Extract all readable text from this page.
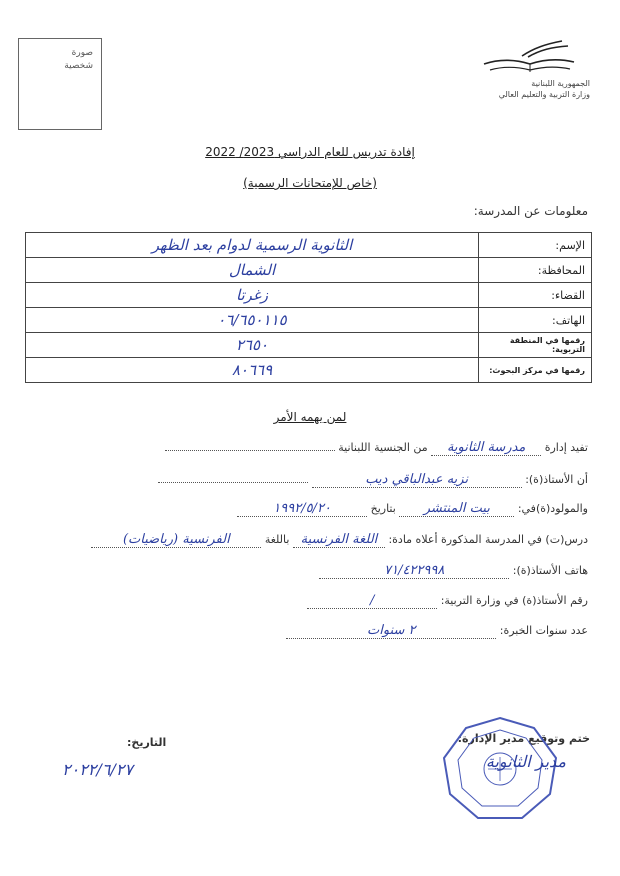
صورة
شخصية
الجمهورية اللبنانية
وزارة التربية والتعليم العالي
إفادة تدريس للعام الدراسي 2023/ 2022
(خاص للإمتحانات الرسمية)
معلومات عن المدرسة:
الإسم:	الثانوية الرسمية لدوام بعد الظهر
المحافظة:	الشمال
القضاء:	زغرتا
الهاتف:	٠٦/٦٥٠١١٥
رقمها في المنطقة التربوية:	٢٦٥٠
رقمها في مركز البحوث:	٨٠٦٦٩
لمن يهمه الأمر
تفيد إدارة مدرسة الثانوية من الجنسية اللبنانية
أن الأستاذ(ة): نزيه عبدالباقي ديب
والمولود(ة)في: بيت المنتشر بتاريخ ١٩٩٢/٥/٢٠
درس(ت) في المدرسة المذكورة أعلاه مادة: اللغة الفرنسية باللغة الفرنسية (رياضيات)
هاتف الأستاذ(ة): ٧١/٤٢٢٩٩٨
رقم الأستاذ(ة) في وزارة التربية: /
عدد سنوات الخبرة: ٢ سنوات
ختم وتوقيع مدير الإدارة:
التاريخ:
مدير الثانوية
٢٠٢٢/٦/٢٧
